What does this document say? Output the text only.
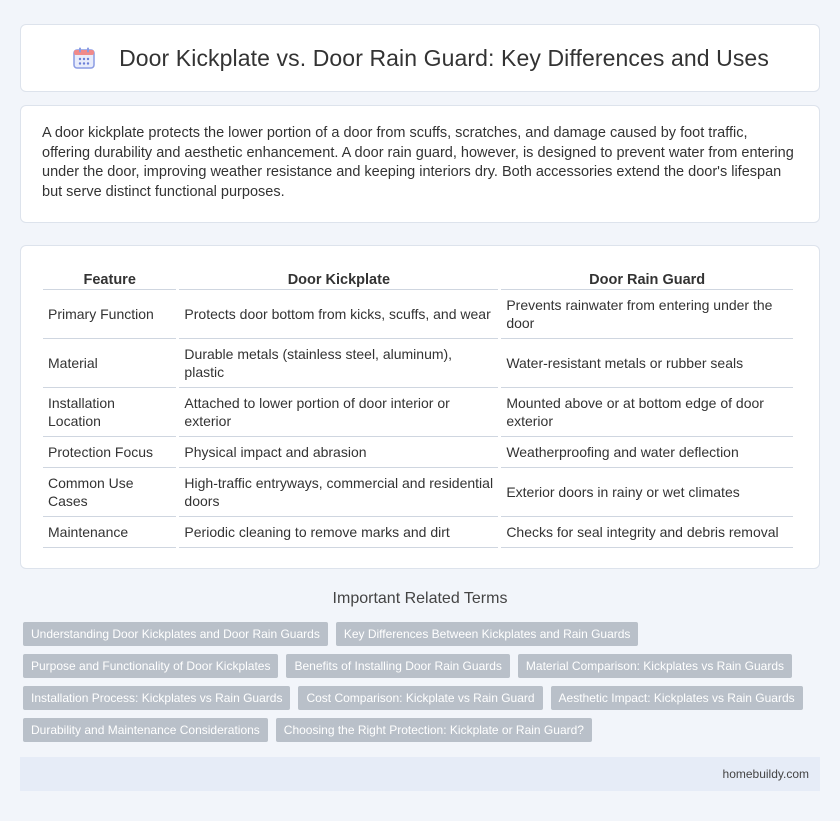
Door Kickplate vs. Door Rain Guard: Key Differences and Uses

A door kickplate protects the lower portion of a door from scuffs, scratches, and damage caused by foot traffic, offering durability and aesthetic enhancement. A door rain guard, however, is designed to prevent water from entering under the door, improving weather resistance and keeping interiors dry. Both accessories extend the door's lifespan but serve distinct functional purposes.

Feature	Door Kickplate	Door Rain Guard
Primary Function	Protects door bottom from kicks, scuffs, and wear	Prevents rainwater from entering under the door
Material	Durable metals (stainless steel, aluminum), plastic	Water-resistant metals or rubber seals
Installation Location	Attached to lower portion of door interior or exterior	Mounted above or at bottom edge of door exterior
Protection Focus	Physical impact and abrasion	Weatherproofing and water deflection
Common Use Cases	High-traffic entryways, commercial and residential doors	Exterior doors in rainy or wet climates
Maintenance	Periodic cleaning to remove marks and dirt	Checks for seal integrity and debris removal
Important Related Terms
Understanding Door Kickplates and Door Rain Guards	Key Differences Between Kickplates and Rain Guards
Purpose and Functionality of Door Kickplates	Benefits of Installing Door Rain Guards	Material Comparison: Kickplates vs Rain Guards
Installation Process: Kickplates vs Rain Guards	Cost Comparison: Kickplate vs Rain Guard	Aesthetic Impact: Kickplates vs Rain Guards
Durability and Maintenance Considerations	Choosing the Right Protection: Kickplate or Rain Guard?
homebuildy.com
